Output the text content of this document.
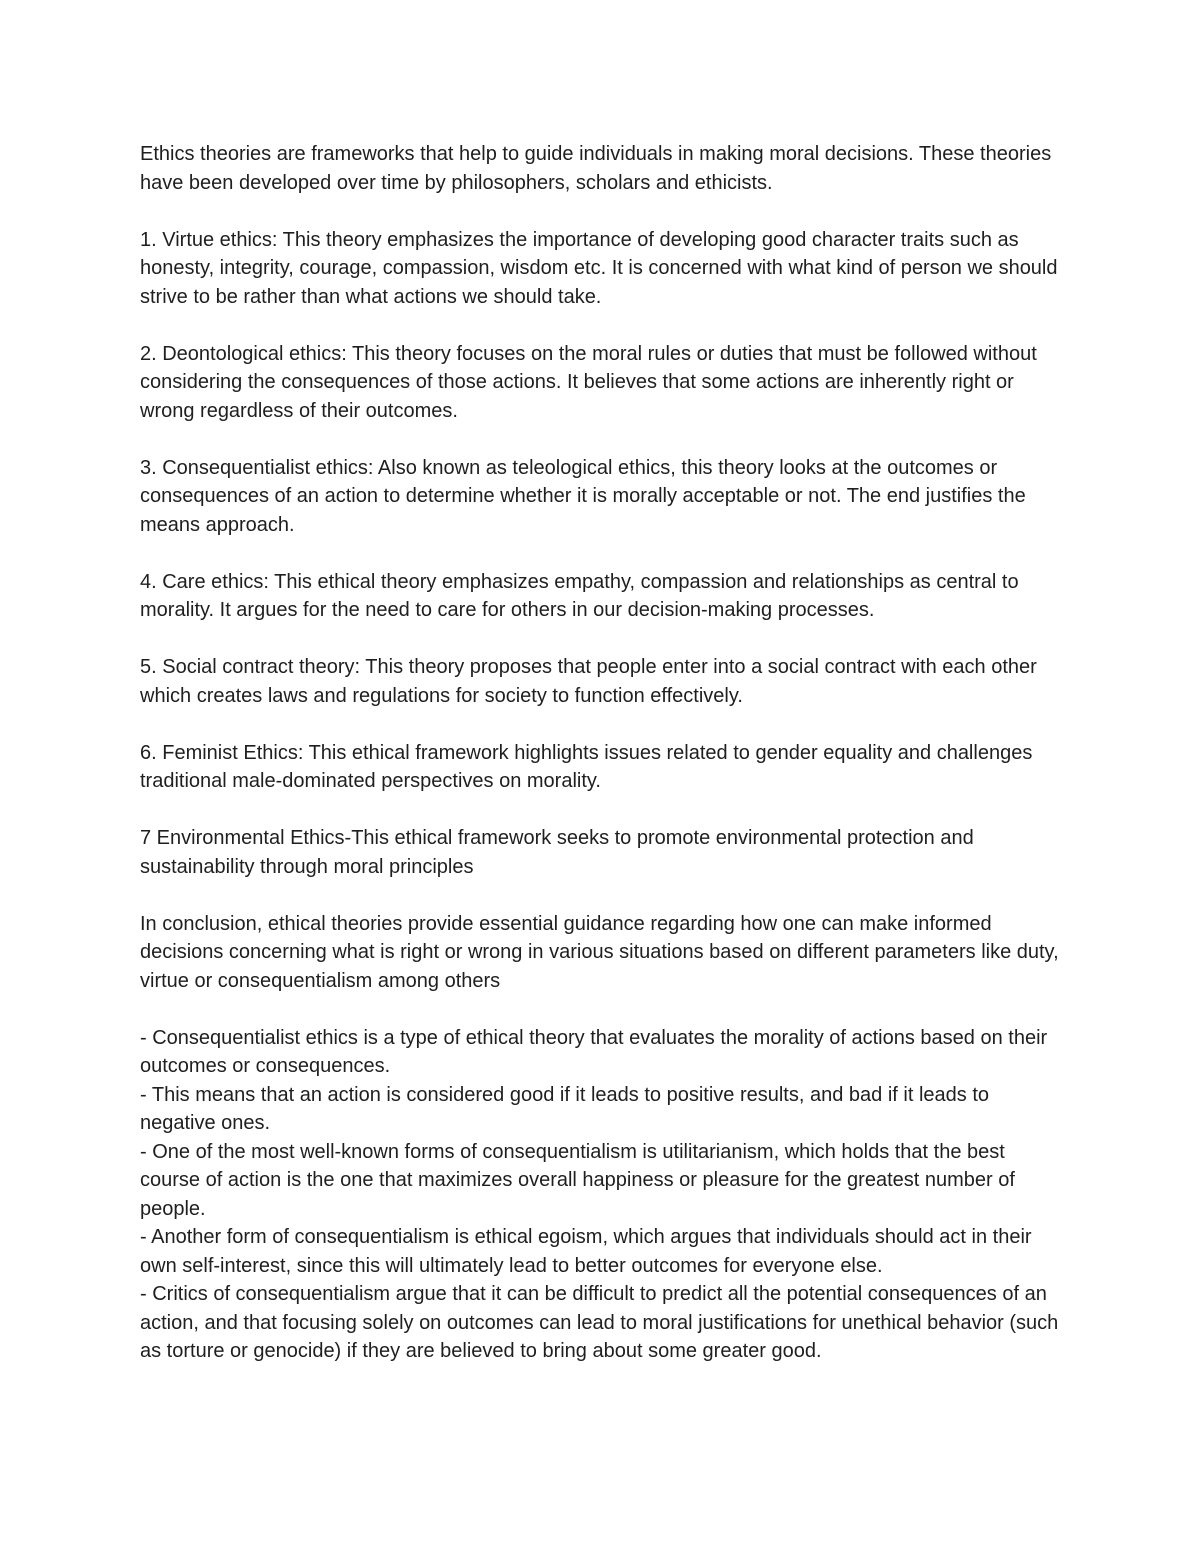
Ethics theories are frameworks that help to guide individuals in making moral decisions. These theories have been developed over time by philosophers, scholars and ethicists.

1. Virtue ethics: This theory emphasizes the importance of developing good character traits such as honesty, integrity, courage, compassion, wisdom etc. It is concerned with what kind of person we should strive to be rather than what actions we should take.

2. Deontological ethics: This theory focuses on the moral rules or duties that must be followed without considering the consequences of those actions. It believes that some actions are inherently right or wrong regardless of their outcomes.

3. Consequentialist ethics: Also known as teleological ethics, this theory looks at the outcomes or consequences of an action to determine whether it is morally acceptable or not. The end justifies the means approach.

4. Care ethics: This ethical theory emphasizes empathy, compassion and relationships as central to morality. It argues for the need to care for others in our decision-making processes.

5. Social contract theory: This theory proposes that people enter into a social contract with each other which creates laws and regulations for society to function effectively.

6. Feminist Ethics: This ethical framework highlights issues related to gender equality and challenges traditional male-dominated perspectives on morality.

7 Environmental Ethics-This ethical framework seeks to promote environmental protection and sustainability through moral principles

In conclusion, ethical theories provide essential guidance regarding how one can make informed decisions concerning what is right or wrong in various situations based on different parameters like duty, virtue or consequentialism among others

- Consequentialist ethics is a type of ethical theory that evaluates the morality of actions based on their outcomes or consequences.

- This means that an action is considered good if it leads to positive results, and bad if it leads to negative ones.

- One of the most well-known forms of consequentialism is utilitarianism, which holds that the best course of action is the one that maximizes overall happiness or pleasure for the greatest number of people.

- Another form of consequentialism is ethical egoism, which argues that individuals should act in their own self-interest, since this will ultimately lead to better outcomes for everyone else.

- Critics of consequentialism argue that it can be difficult to predict all the potential consequences of an action, and that focusing solely on outcomes can lead to moral justifications for unethical behavior (such as torture or genocide) if they are believed to bring about some greater good.
